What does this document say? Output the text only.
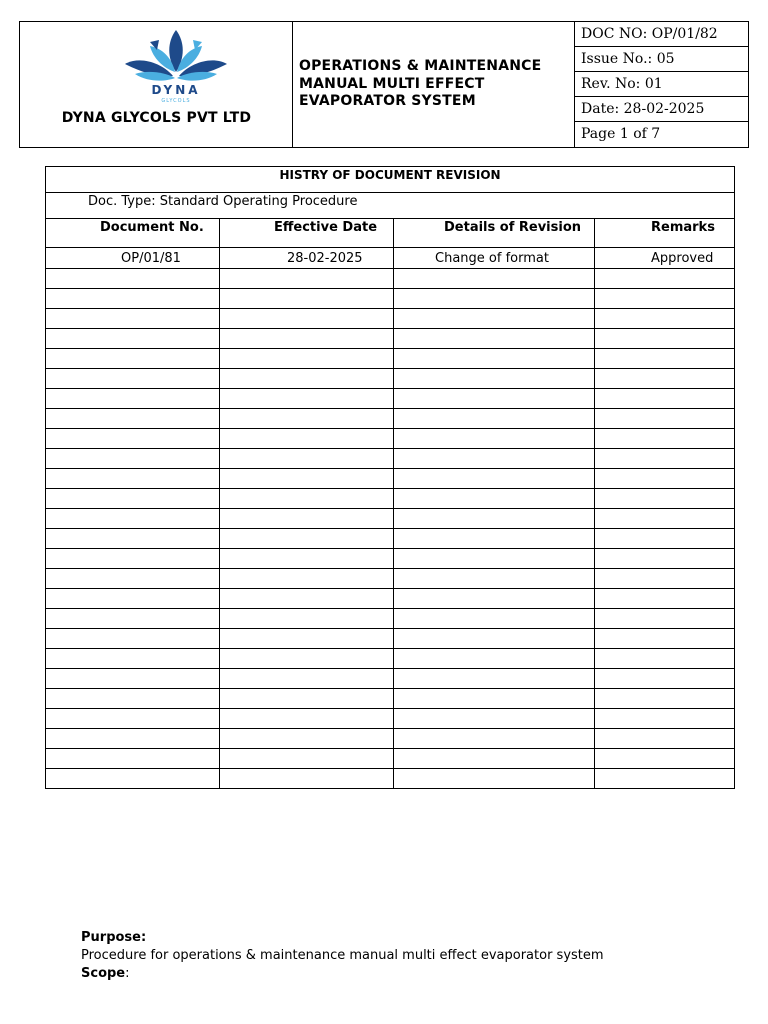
DYNA
GLYCOLS
DYNA GLYCOLS PVT LTD
OPERATIONS & MAINTENANCE
MANUAL MULTI EFFECT
EVAPORATOR SYSTEM
DOC NO: OP/01/82
Issue No.: 05
Rev. No: 01
Date: 28-02-2025
Page 1 of 7
HISTRY OF DOCUMENT REVISION			
Doc. Type: Standard Operating Procedure			
Document No.	Effective Date	Details of Revision	Remarks
OP/01/81	28-02-2025	Change of format	Approved

Purpose:
Procedure for operations & maintenance manual multi effect evaporator system
Scope:
